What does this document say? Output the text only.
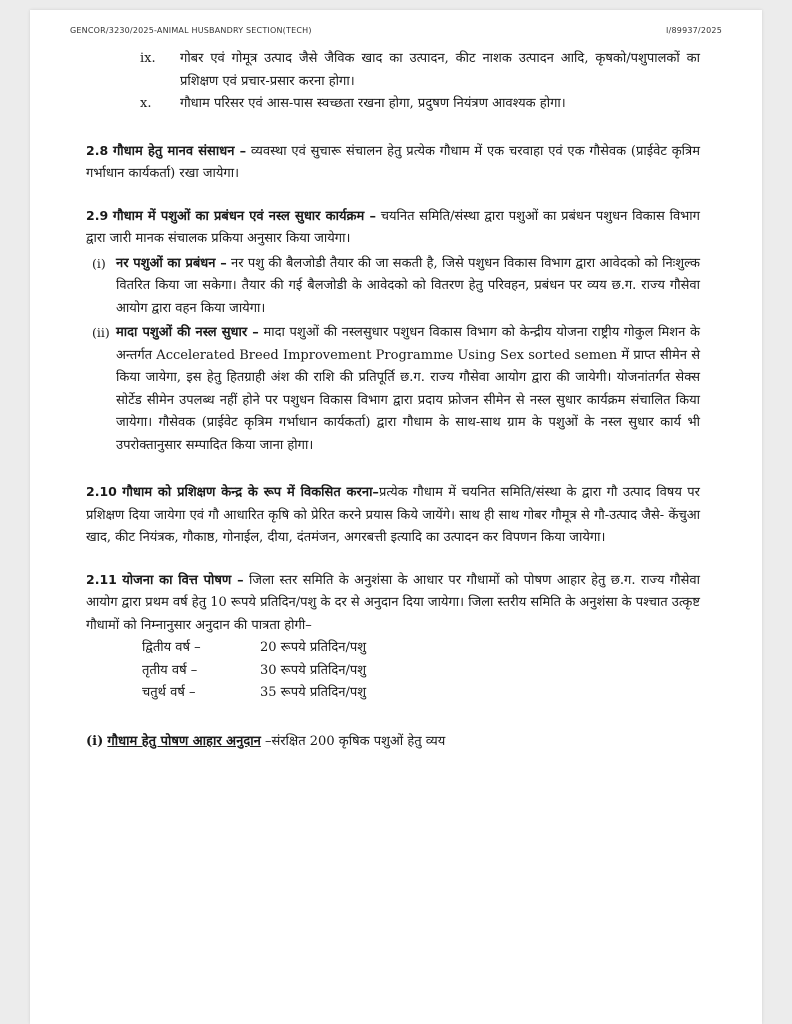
GENCOR/3230/2025-ANIMAL HUSBANDRY SECTION(TECH)	I/89937/2025
ix.	गोबर एवं गोमूत्र उत्पाद जैसे जैविक खाद का उत्पादन, कीट नाशक उत्पादन आदि, कृषको/पशुपालकों का प्रशिक्षण एवं प्रचार-प्रसार करना होगा।
x.	गौधाम परिसर एवं आस-पास स्वच्छता रखना होगा, प्रदुषण नियंत्रण आवश्यक होगा।

2.8 गौधाम हेतु मानव संसाधन – व्यवस्था एवं सुचारू संचालन हेतु प्रत्येक गौधाम में एक चरवाहा एवं एक गौसेवक (प्राईवेट कृत्रिम गर्भाधान कार्यकर्ता) रखा जायेगा।

2.9 गौधाम में पशुओं का प्रबंधन एवं नस्ल सुधार कार्यक्रम – चयनित समिति/संस्था द्वारा पशुओं का प्रबंधन पशुधन विकास विभाग द्वारा जारी मानक संचालक प्रकिया अनुसार किया जायेगा।

(i) नर पशुओं का प्रबंधन – नर पशु की बैलजोडी तैयार की जा सकती है, जिसे पशुधन विकास विभाग द्वारा आवेदको को निःशुल्क वितरित किया जा सकेगा। तैयार की गई बैलजोडी के आवेदको को वितरण हेतु परिवहन, प्रबंधन पर व्यय छ.ग. राज्य गौसेवा आयोग द्वारा वहन किया जायेगा।
(ii) मादा पशुओं की नस्ल सुधार – मादा पशुओं की नस्लसुधार पशुधन विकास विभाग को केन्द्रीय योजना राष्ट्रीय गोकुल मिशन के अन्तर्गत Accelerated Breed Improvement Programme Using Sex sorted semen में प्राप्त सीमेन से किया जायेगा, इस हेतु हितग्राही अंश की राशि की प्रतिपूर्ति छ.ग. राज्य गौसेवा आयोग द्वारा की जायेगी। योजनांतर्गत सेक्स सोर्टेड सीमेन उपलब्ध नहीं होने पर पशुधन विकास विभाग द्वारा प्रदाय फ्रोजन सीमेन से नस्ल सुधार कार्यक्रम संचालित किया जायेगा। गौसेवक (प्राईवेट कृत्रिम गर्भाधान कार्यकर्ता) द्वारा गौधाम के साथ-साथ ग्राम के पशुओं के नस्ल सुधार कार्य भी उपरोक्तानुसार सम्पादित किया जाना होगा।

2.10 गौधाम को प्रशिक्षण केन्द्र के रूप में विकसित करना–प्रत्येक गौधाम में चयनित समिति/संस्था के द्वारा गौ उत्पाद विषय पर प्रशिक्षण दिया जायेगा एवं गौ आधारित कृषि को प्रेरित करने प्रयास किये जायेंगे। साथ ही साथ गोबर गौमूत्र से गौ-उत्पाद जैसे- केंचुआ खाद, कीट नियंत्रक, गौकाष्ठ, गोनाईल, दीया, दंतमंजन, अगरबत्ती इत्यादि का उत्पादन कर विपणन किया जायेगा।

2.11 योजना का वित्त पोषण – जिला स्तर समिति के अनुशंसा के आधार पर गौधामों को पोषण आहार हेतु छ.ग. राज्य गौसेवा आयोग द्वारा प्रथम वर्ष हेतु 10 रूपये प्रतिदिन/पशु के दर से अनुदान दिया जायेगा। जिला स्तरीय समिति के अनुशंसा के पश्चात उत्कृष्ट गौधामों को निम्नानुसार अनुदान की पात्रता होगी–

द्वितीय वर्ष –	20 रूपये प्रतिदिन/पशु
तृतीय वर्ष –	30 रूपये प्रतिदिन/पशु
चतुर्थ वर्ष –	35 रूपये प्रतिदिन/पशु
(i) गौधाम हेतु पोषण आहार अनुदान –संरक्षित 200 कृषिक पशुओं हेतु व्यय
